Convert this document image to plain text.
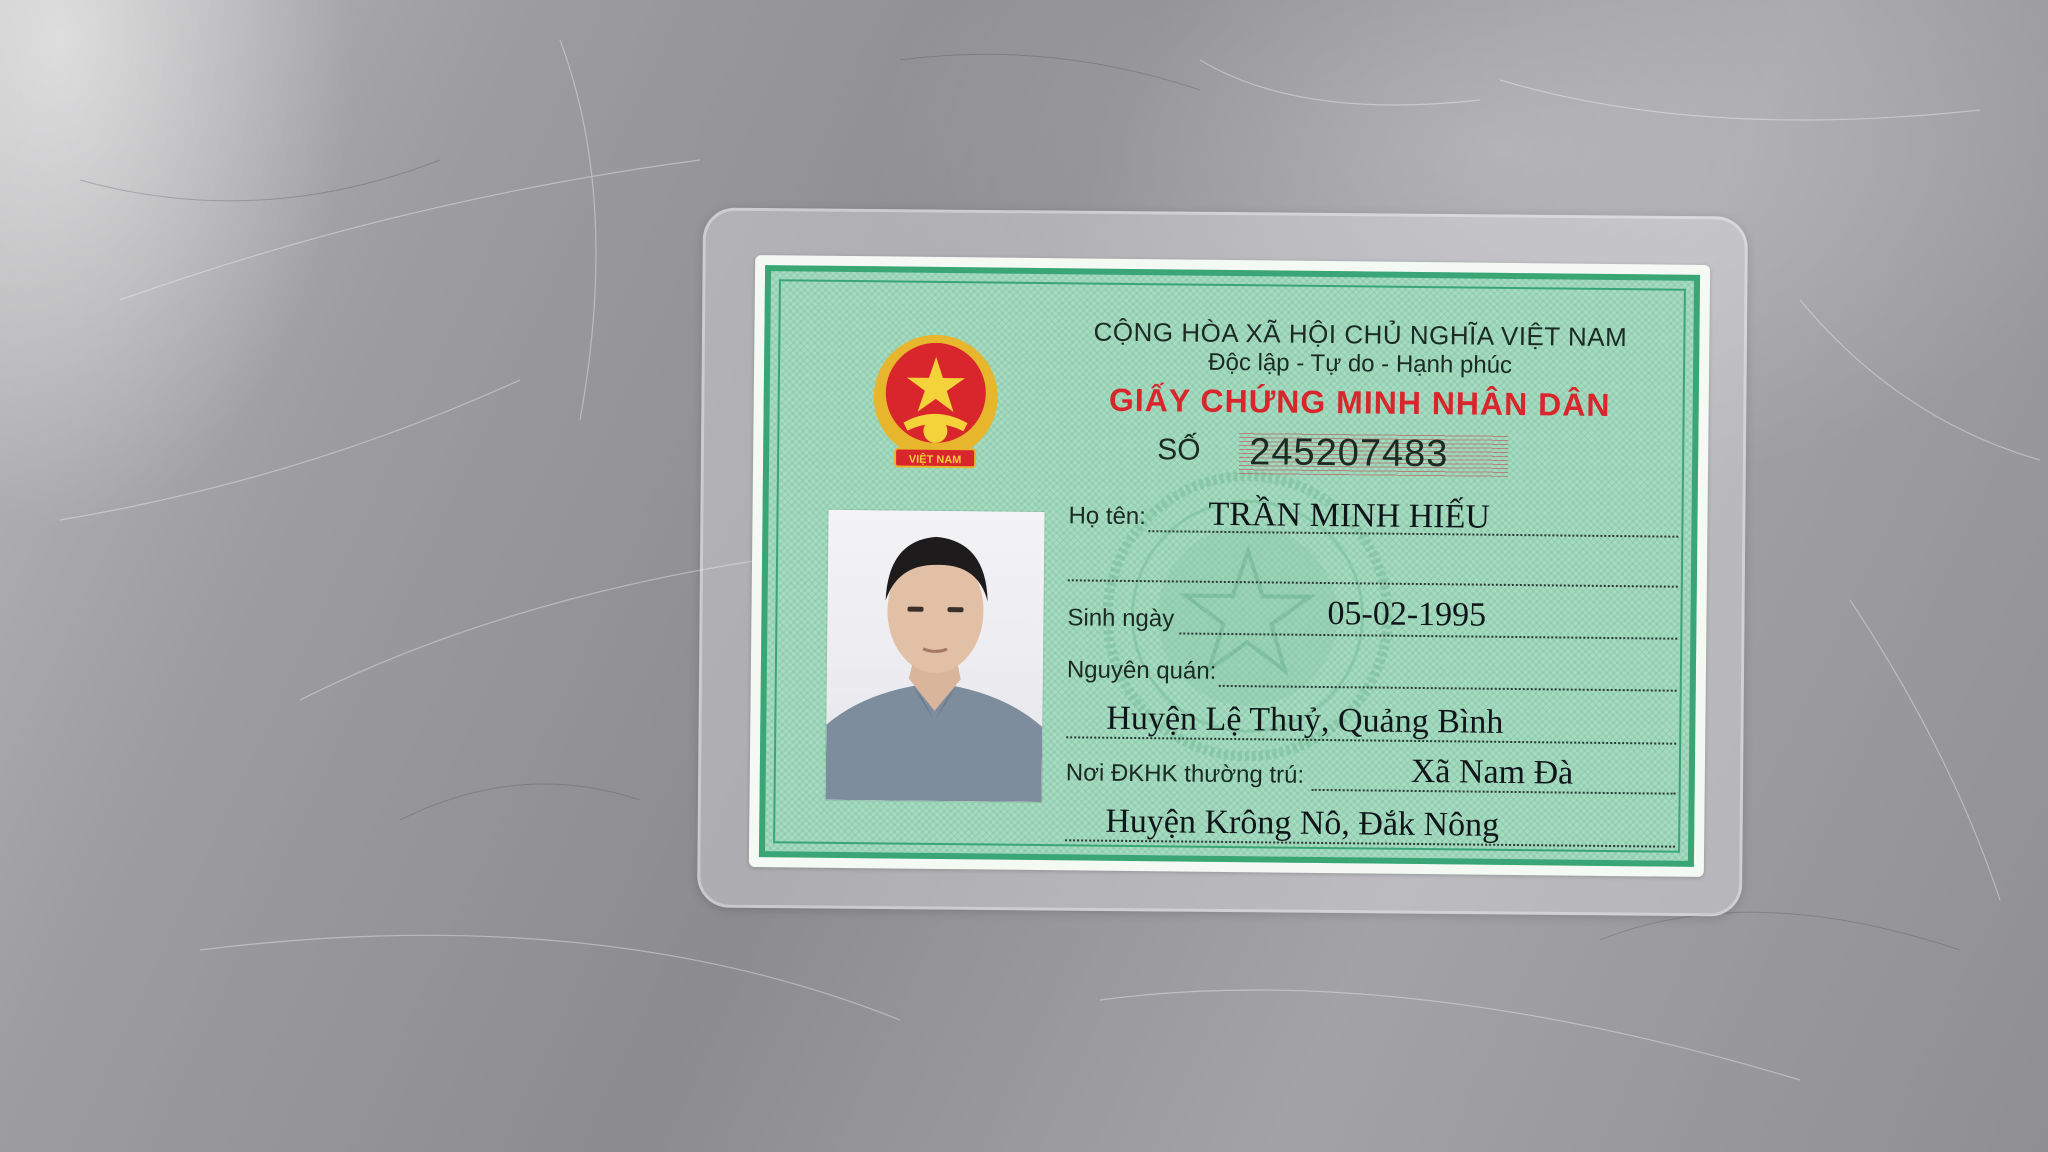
VIỆT NAM
CỘNG HÒA XÃ HỘI CHỦ NGHĨA VIỆT NAM
Độc lập - Tự do - Hạnh phúc
GIẤY CHỨNG MINH NHÂN DÂN
SỐ 245207483
Họ tên: TRẦN MINH HIẾU
Sinh ngày	05-02-1995
Nguyên quán:
Huyện Lệ Thuỷ, Quảng Bình
Nơi ĐKHK thường trú:	Xã Nam Đà
Huyện Krông Nô, Đắk Nông
